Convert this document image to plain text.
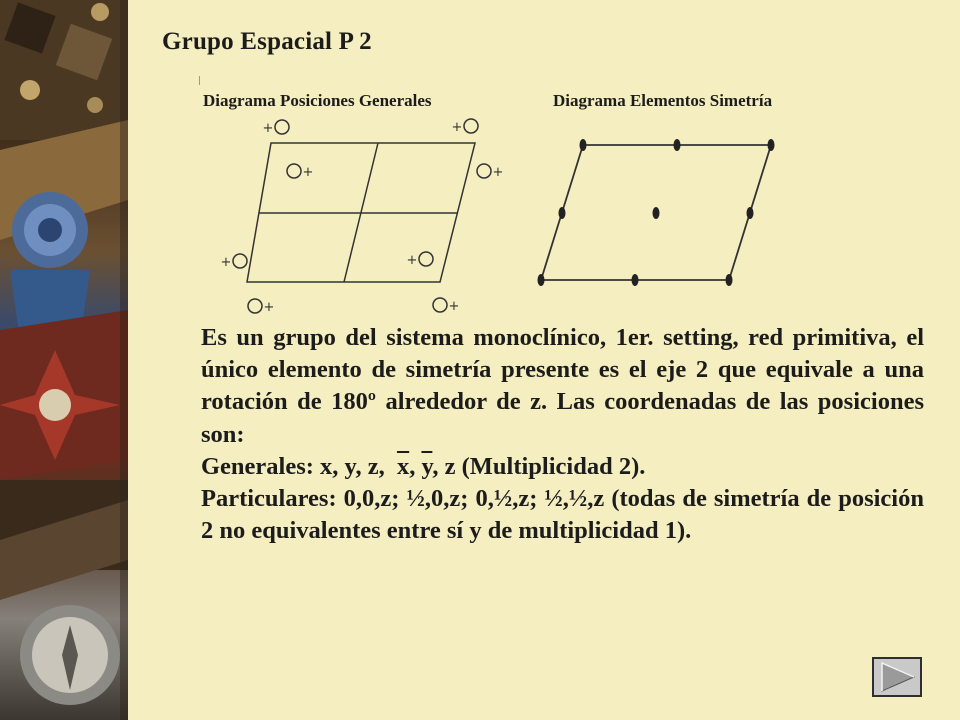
Grupo Espacial P 2
Diagrama Posiciones Generales	Diagrama Elementos Simetría
+	+
+	+
+	+
+	+

Es un grupo del sistema monoclínico, 1er. setting, red primitiva, el único elemento de simetría presente es el eje 2 que equivale a una rotación de 180º alrededor de z. Las coordenadas de las posiciones son:

Generales: x, y, z, $\overline{x}$, $\overline{y}$, z (Multiplicidad 2).

Particulares: 0,0,z; ½,0,z; 0,½,z; ½,½,z (todas de simetría de posición 2 no equivalentes entre sí y de multiplicidad 1).
